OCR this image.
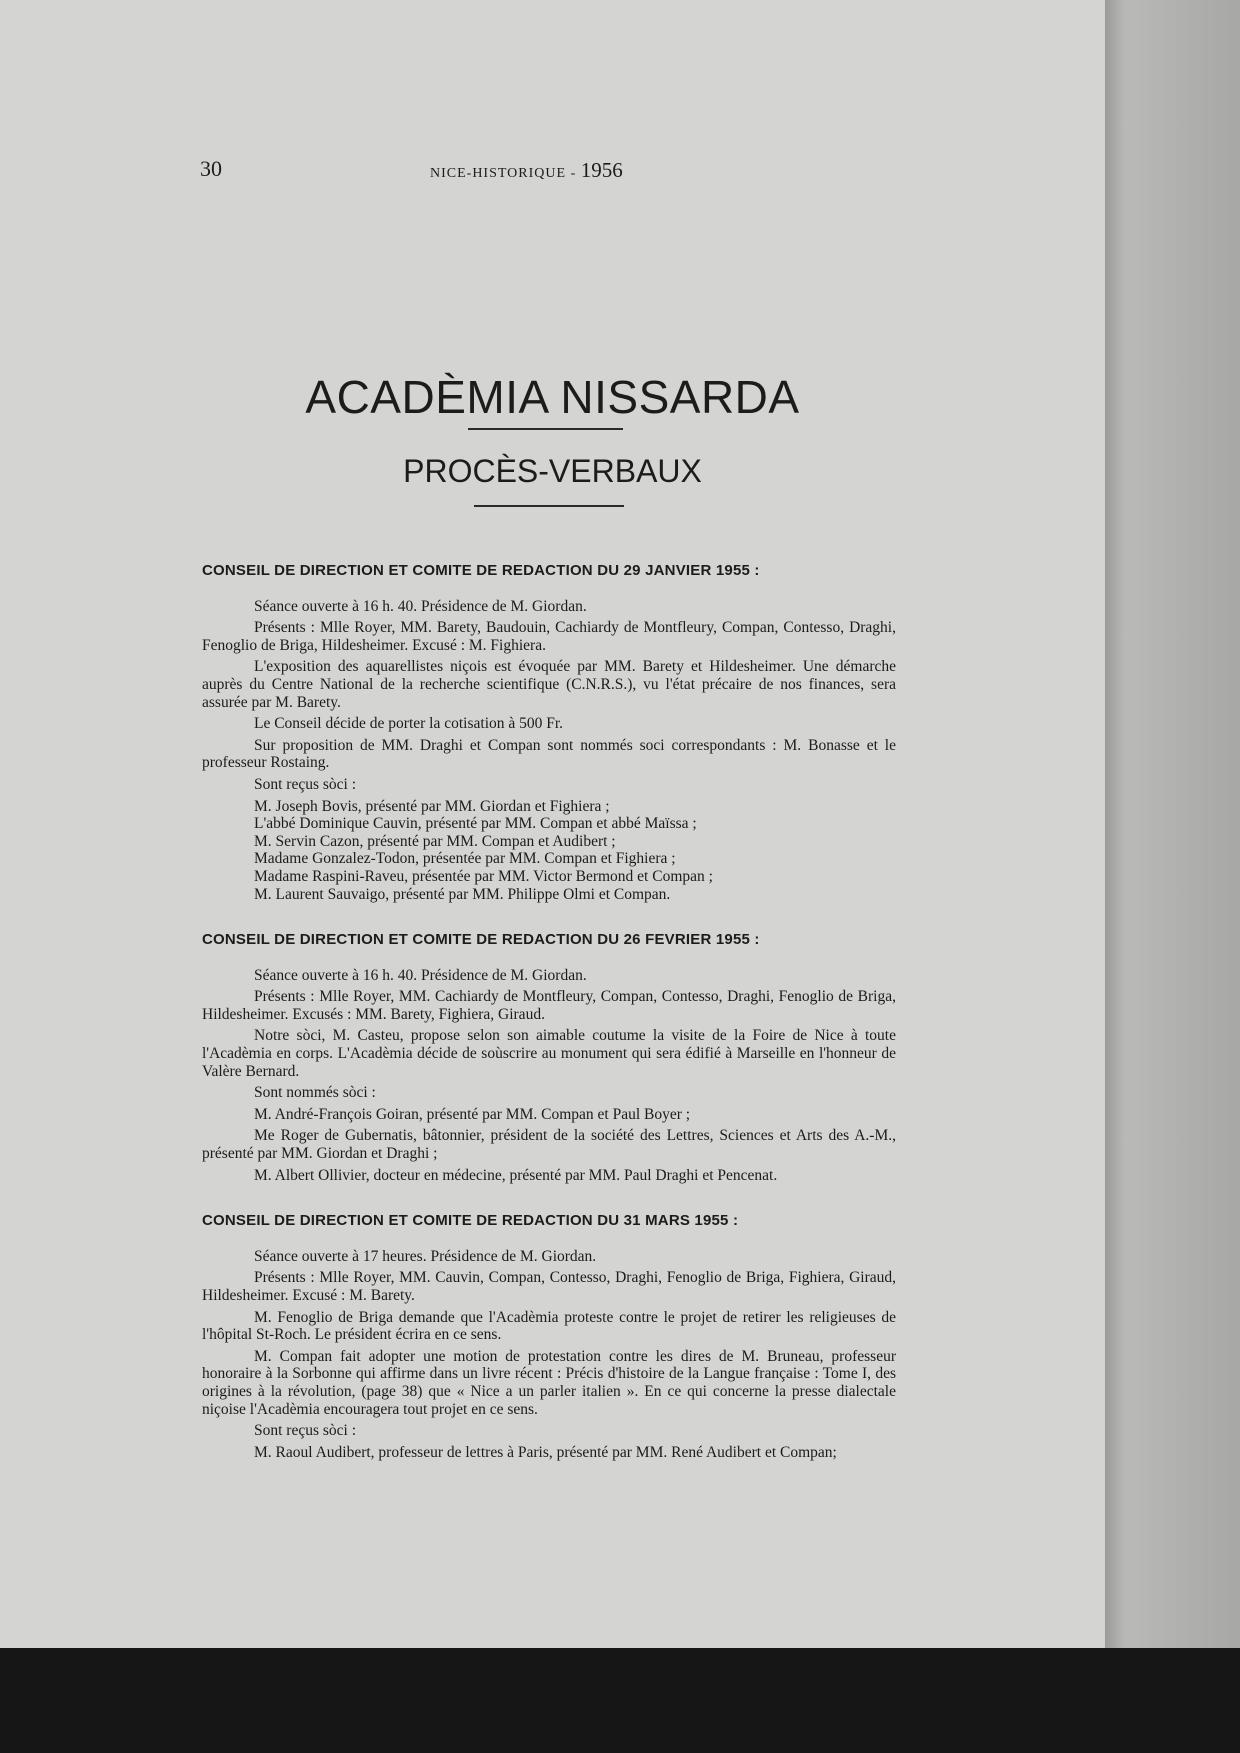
30	NICE-HISTORIQUE - 1956
ACADÈMIA NISSARDA
PROCÈS-VERBAUX
CONSEIL DE DIRECTION ET COMITE DE REDACTION DU 29 JANVIER 1955 :

Séance ouverte à 16 h. 40. Présidence de M. Giordan.

Présents : Mlle Royer, MM. Barety, Baudouin, Cachiardy de Montfleury, Compan, Contesso, Draghi, Fenoglio de Briga, Hildesheimer. Excusé : M. Fighiera.

L'exposition des aquarellistes niçois est évoquée par MM. Barety et Hildesheimer. Une démarche auprès du Centre National de la recherche scientifique (C.N.R.S.), vu l'état précaire de nos finances, sera assurée par M. Barety.

Le Conseil décide de porter la cotisation à 500 Fr.

Sur proposition de MM. Draghi et Compan sont nommés soci correspondants : M. Bonasse et le professeur Rostaing.

Sont reçus sòci :

M. Joseph Bovis, présenté par MM. Giordan et Fighiera ;
L'abbé Dominique Cauvin, présenté par MM. Compan et abbé Maïssa ;
M. Servin Cazon, présenté par MM. Compan et Audibert ;
Madame Gonzalez-Todon, présentée par MM. Compan et Fighiera ;
Madame Raspini-Raveu, présentée par MM. Victor Bermond et Compan ;
M. Laurent Sauvaigo, présenté par MM. Philippe Olmi et Compan.
CONSEIL DE DIRECTION ET COMITE DE REDACTION DU 26 FEVRIER 1955 :

Séance ouverte à 16 h. 40. Présidence de M. Giordan.

Présents : Mlle Royer, MM. Cachiardy de Montfleury, Compan, Contesso, Draghi, Fenoglio de Briga, Hildesheimer. Excusés : MM. Barety, Fighiera, Giraud.

Notre sòci, M. Casteu, propose selon son aimable coutume la visite de la Foire de Nice à toute l'Acadèmia en corps. L'Acadèmia décide de soùscrire au monument qui sera édifié à Marseille en l'honneur de Valère Bernard.

Sont nommés sòci :

M. André-François Goiran, présenté par MM. Compan et Paul Boyer ;

Me Roger de Gubernatis, bâtonnier, président de la société des Lettres, Sciences et Arts des A.-M., présenté par MM. Giordan et Draghi ;

M. Albert Ollivier, docteur en médecine, présenté par MM. Paul Draghi et Pencenat.

CONSEIL DE DIRECTION ET COMITE DE REDACTION DU 31 MARS 1955 :

Séance ouverte à 17 heures. Présidence de M. Giordan.

Présents : Mlle Royer, MM. Cauvin, Compan, Contesso, Draghi, Fenoglio de Briga, Fighiera, Giraud, Hildesheimer. Excusé : M. Barety.

M. Fenoglio de Briga demande que l'Acadèmia proteste contre le projet de retirer les religieuses de l'hôpital St-Roch. Le président écrira en ce sens.

M. Compan fait adopter une motion de protestation contre les dires de M. Bruneau, professeur honoraire à la Sorbonne qui affirme dans un livre récent : Précis d'histoire de la Langue française : Tome I, des origines à la révolution, (page 38) que « Nice a un parler italien ». En ce qui concerne la presse dialectale niçoise l'Acadèmia encouragera tout projet en ce sens.

Sont reçus sòci :

M. Raoul Audibert, professeur de lettres à Paris, présenté par MM. René Audibert et Compan;
